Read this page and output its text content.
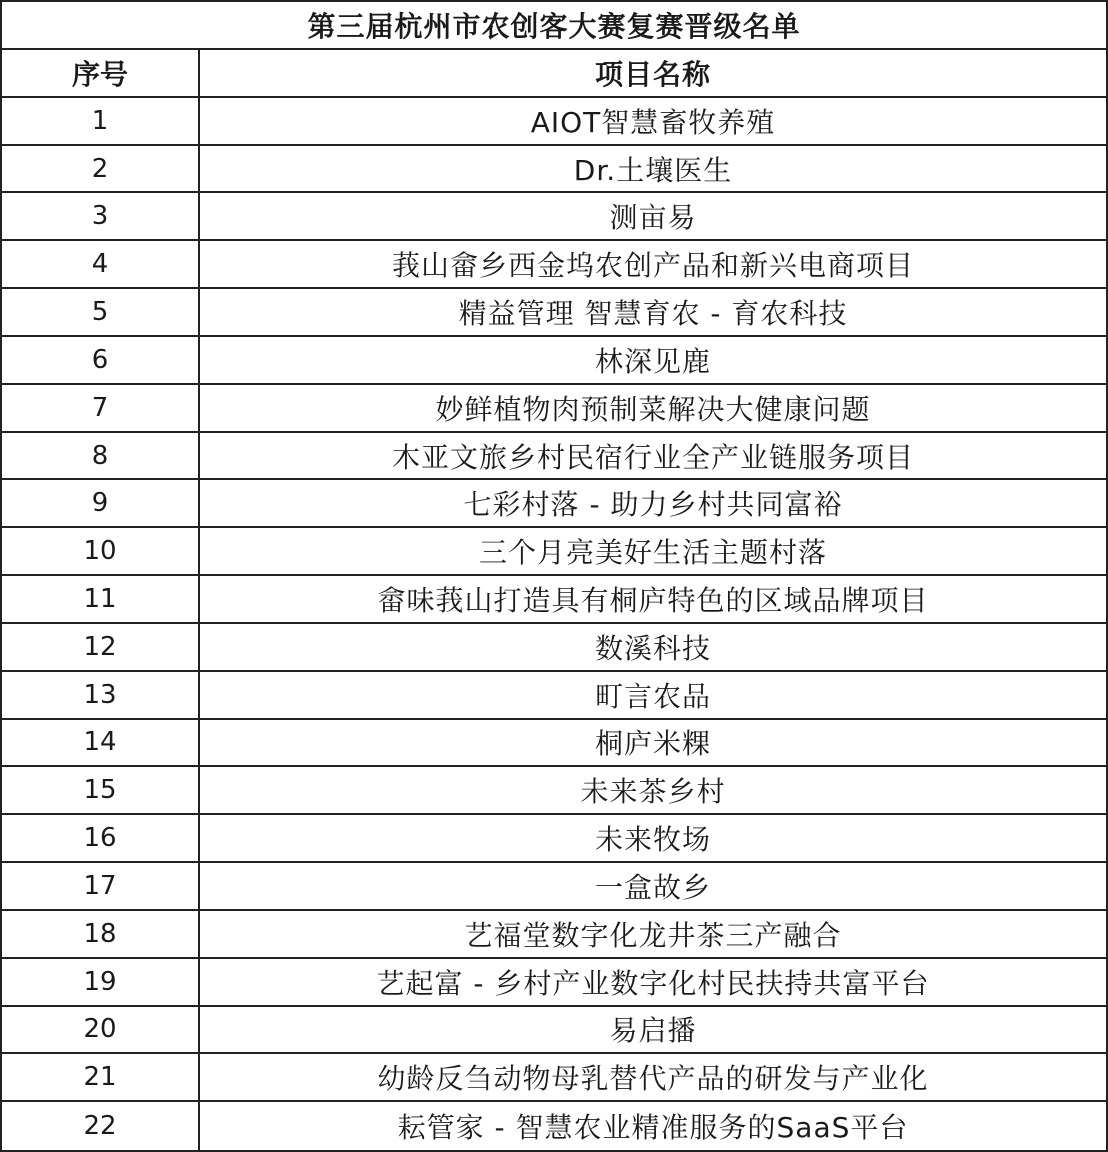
第三届杭州市农创客大赛复赛晋级名单
序号	项目名称
1	AIOT智慧畜牧养殖
2	Dr.土壤医生
3	测亩易
4	莪山畲乡西金坞农创产品和新兴电商项目
5	精益管理 智慧育农 - 育农科技
6	林深见鹿
7	妙鲜植物肉预制菜解决大健康问题
8	木亚文旅乡村民宿行业全产业链服务项目
9	七彩村落 - 助力乡村共同富裕
10	三个月亮美好生活主题村落
11	畲味莪山打造具有桐庐特色的区域品牌项目
12	数溪科技
13	町言农品
14	桐庐米粿
15	未来茶乡村
16	未来牧场
17	一盒故乡
18	艺福堂数字化龙井茶三产融合
19	艺起富 - 乡村产业数字化村民扶持共富平台
20	易启播
21	幼龄反刍动物母乳替代产品的研发与产业化
22	耘管家 - 智慧农业精准服务的SaaS平台
